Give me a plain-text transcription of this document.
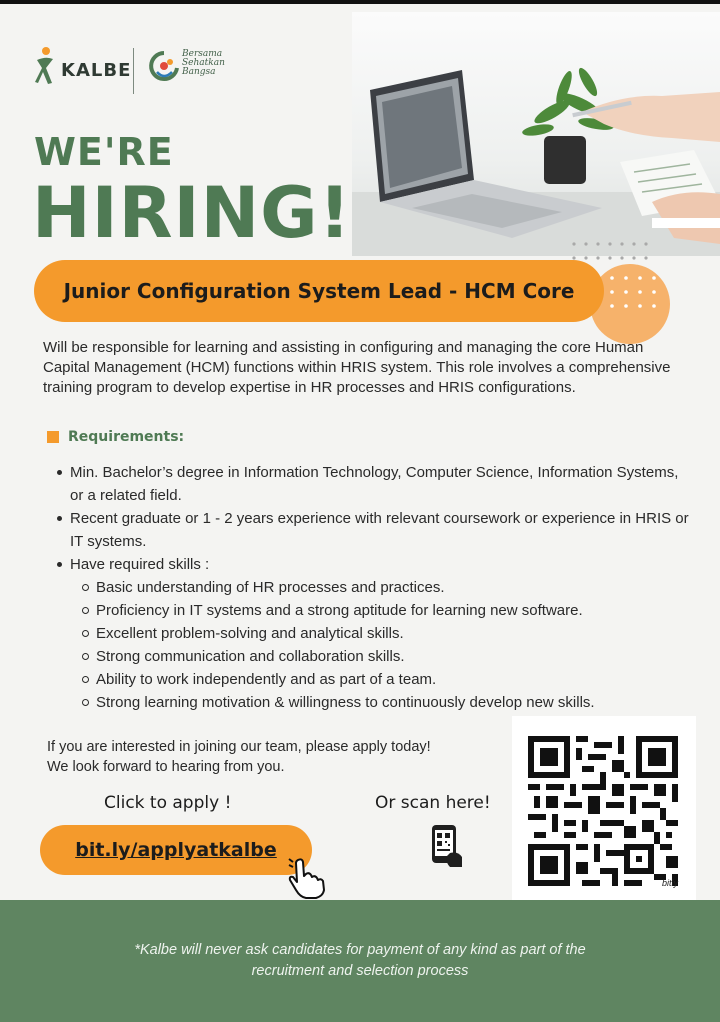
KALBE
Bersama
Sehatkan
Bangsa
WE'RE
HIRING!
Junior Configuration System Lead - HCM Core

Will be responsible for learning and assisting in configuring and managing the core Human Capital Management (HCM) functions within HRIS system. This role involves a comprehensive training program to develop expertise in HR processes and HRIS configurations.

Requirements:
Min. Bachelor’s degree in Information Technology, Computer Science, Information Systems, or a related field.
Recent graduate or 1 - 2 years experience with relevant coursework or experience in HRIS or IT systems.
Have required skills :
Basic understanding of HR processes and practices.
Proficiency in IT systems and a strong aptitude for learning new software.
Excellent problem-solving and analytical skills.
Strong communication and collaboration skills.
Ability to work independently and as part of a team.
Strong learning motivation & willingness to continuously develop new skills.
If you are interested in joining our team, please apply today!
We look forward to hearing from you.
Click to apply !	Or scan here!
bit.ly/applyatkalbe
bitly

*Kalbe will never ask candidates for payment of any kind as part of the recruitment and selection process
